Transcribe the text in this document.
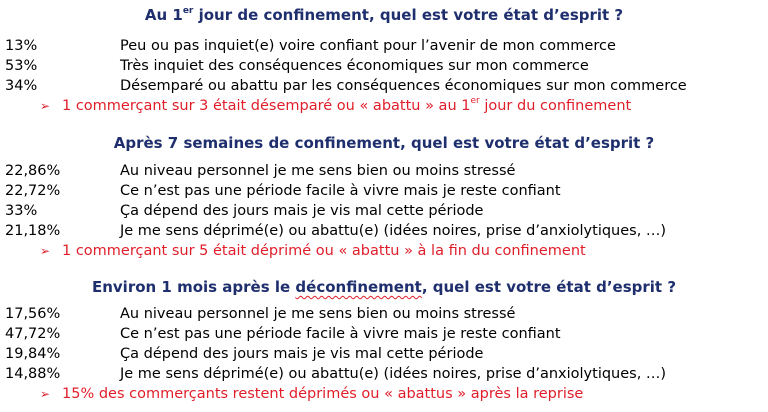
Au 1er jour de confinement, quel est votre état d’esprit ?
13%	Peu ou pas inquiet(e) voire confiant pour l’avenir de mon commerce
53%	Très inquiet des conséquences économiques sur mon commerce
34%	Désemparé ou abattu par les conséquences économiques sur mon commerce
➢ 1 commerçant sur 3 était désemparé ou « abattu » au 1er jour du confinement
Après 7 semaines de confinement, quel est votre état d’esprit ?
22,86%	Au niveau personnel je me sens bien ou moins stressé
22,72%	Ce n’est pas une période facile à vivre mais je reste confiant
33%	Ça dépend des jours mais je vis mal cette période
21,18%	Je me sens déprimé(e) ou abattu(e) (idées noires, prise d’anxiolytiques, …)
➢ 1 commerçant sur 5 était déprimé ou « abattu » à la fin du confinement
Environ 1 mois après le déconfinement, quel est votre état d’esprit ?
17,56%	Au niveau personnel je me sens bien ou moins stressé
47,72%	Ce n’est pas une période facile à vivre mais je reste confiant
19,84%	Ça dépend des jours mais je vis mal cette période
14,88%	Je me sens déprimé(e) ou abattu(e) (idées noires, prise d’anxiolytiques, …)
➢ 15% des commerçants restent déprimés ou « abattus » après la reprise
